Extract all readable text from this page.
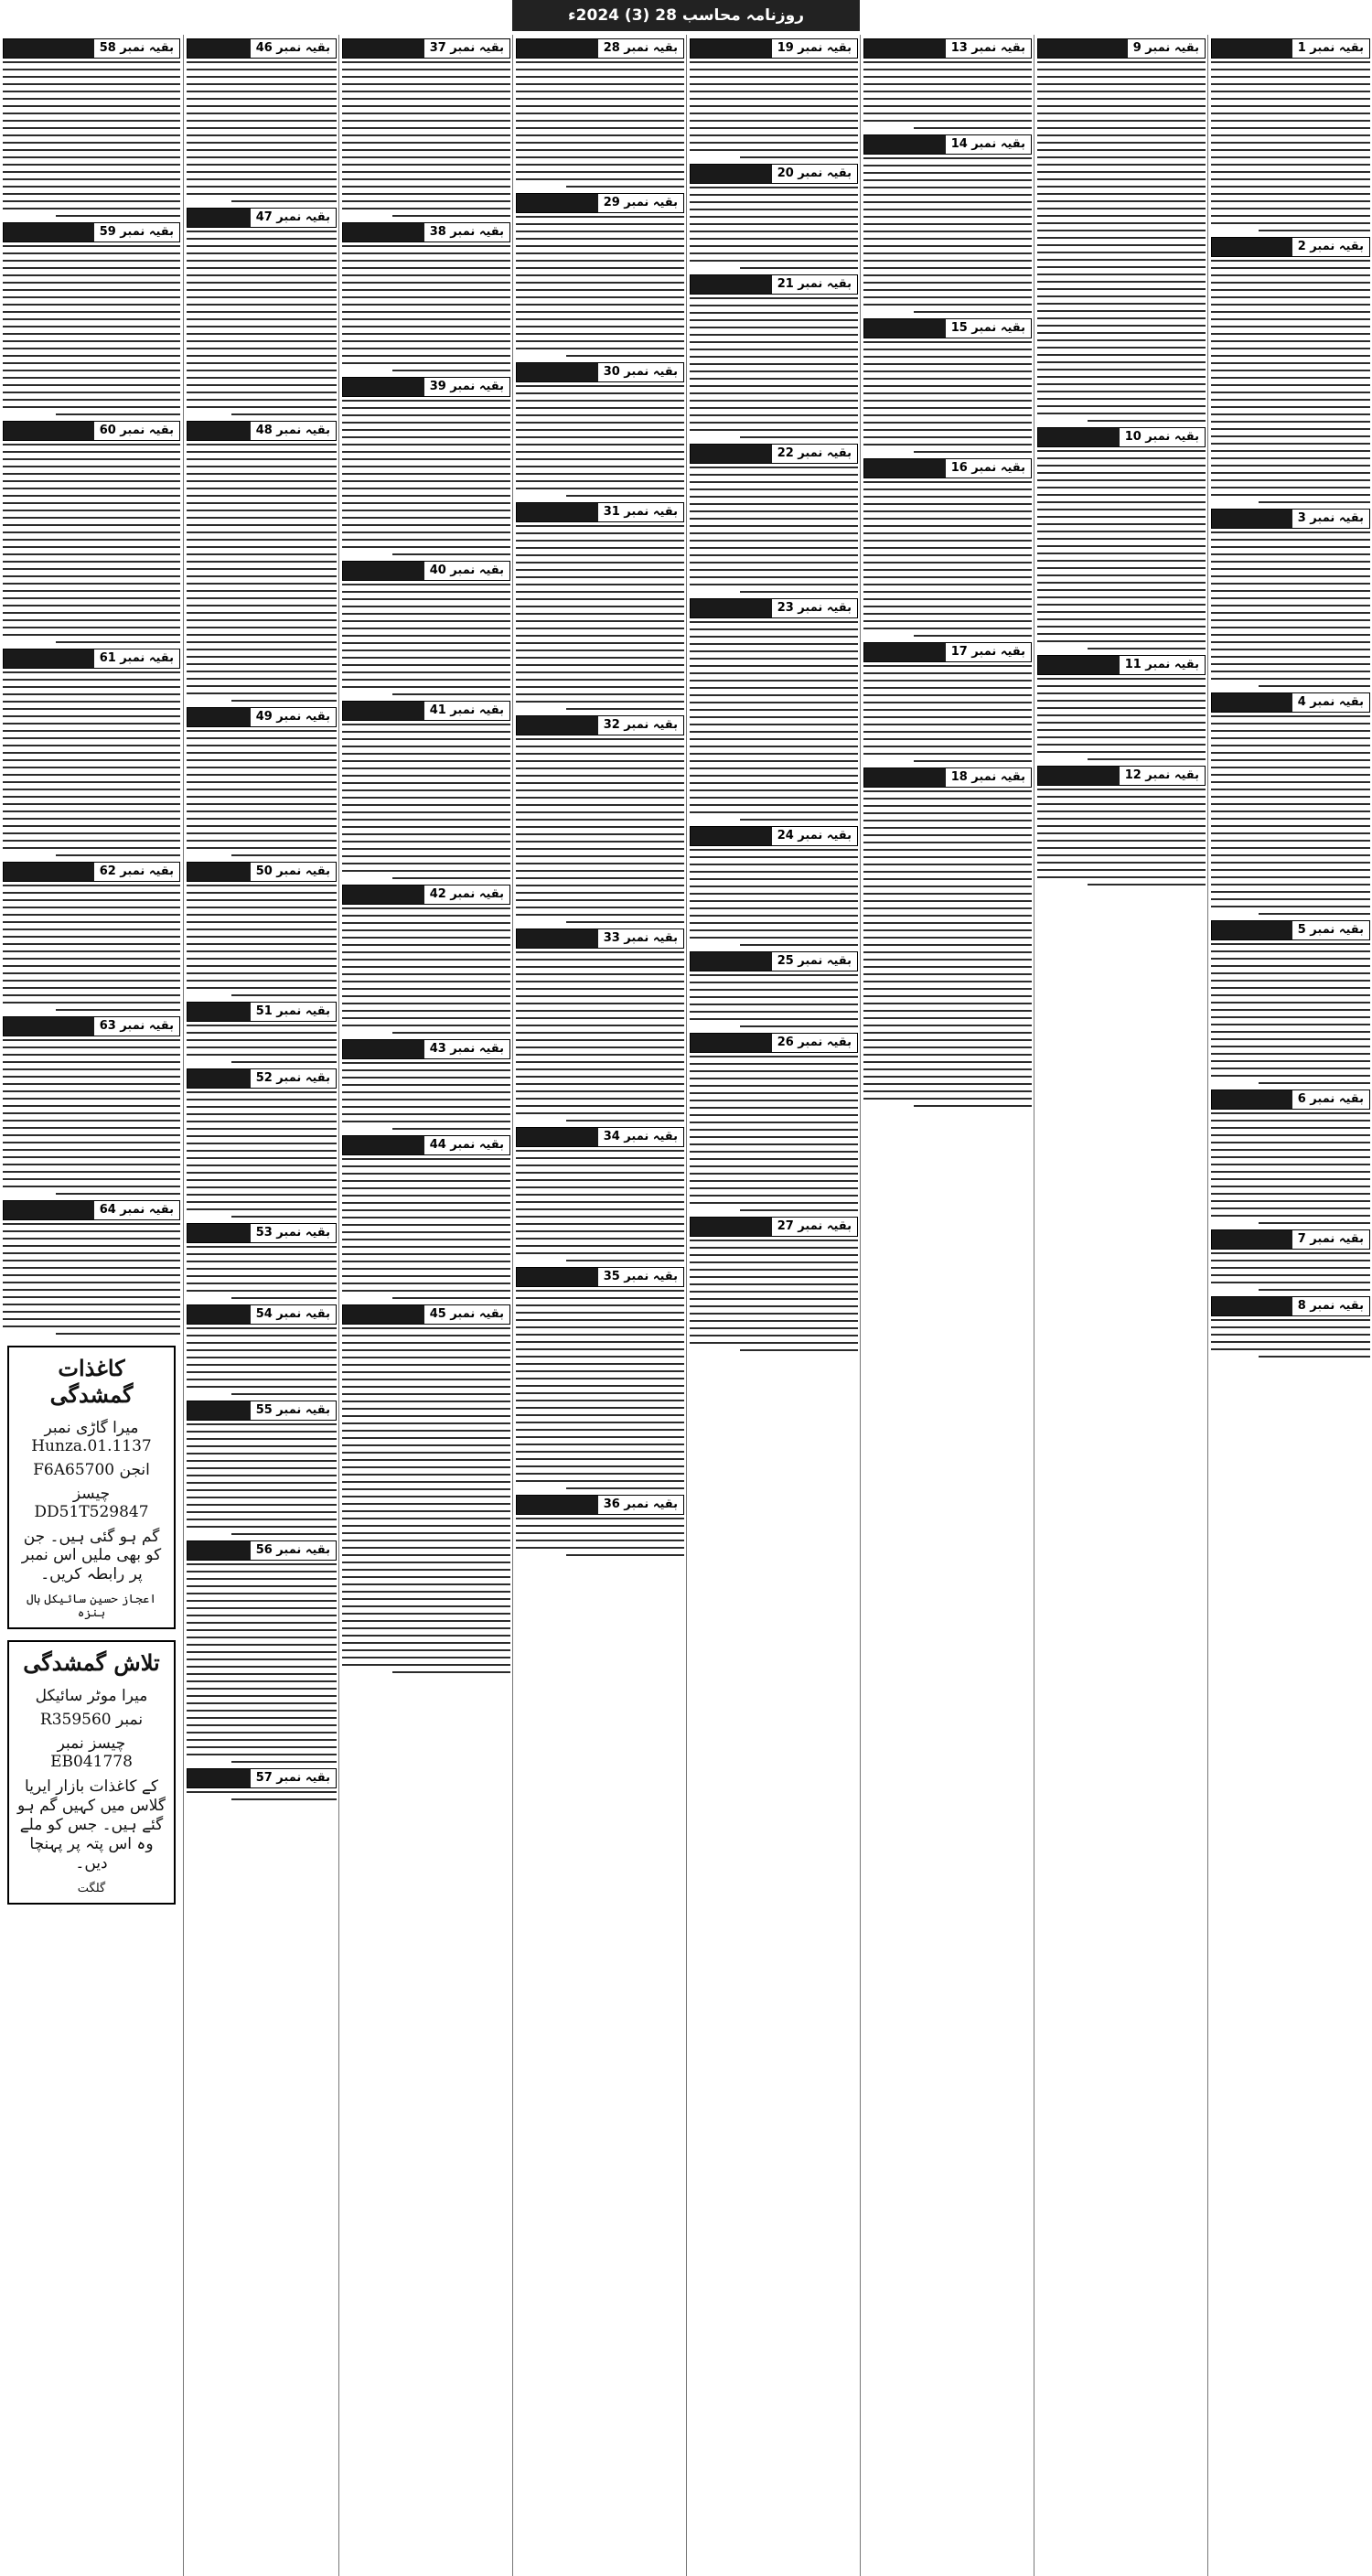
روزنامہ محاسب 28 (3) 2024ء
بقیہ نمبر 58
بقیہ نمبر 59
بقیہ نمبر 60
بقیہ نمبر 61
بقیہ نمبر 62
بقیہ نمبر 63
بقیہ نمبر 64
کاغذات گمشدگی
میرا گاڑی نمبر Hunza.01.1137
انجن F6A65700
چیسز DD51T529847
گم ہو گئی ہیں۔ جن کو بھی ملیں اس نمبر پر رابطہ کریں۔
اعجاز حسین سائیکل ہال ہنزہ
تلاش گمشدگی
میرا موٹر سائیکل
نمبر R359560
چیسز نمبر EB041778
کے کاغذات بازار ایریا گلاس میں کہیں گم ہو گئے ہیں۔ جس کو ملے وہ اس پتہ پر پہنچا دیں۔
گلگت
بقیہ نمبر 46
بقیہ نمبر 47
بقیہ نمبر 48
بقیہ نمبر 49
بقیہ نمبر 50
بقیہ نمبر 51
بقیہ نمبر 52
بقیہ نمبر 53
بقیہ نمبر 54
بقیہ نمبر 55
بقیہ نمبر 56
بقیہ نمبر 57
بقیہ نمبر 37
بقیہ نمبر 38
بقیہ نمبر 39
بقیہ نمبر 40
بقیہ نمبر 41
بقیہ نمبر 42
بقیہ نمبر 43
بقیہ نمبر 44
بقیہ نمبر 45
بقیہ نمبر 28
بقیہ نمبر 29
بقیہ نمبر 30
بقیہ نمبر 31
بقیہ نمبر 32
بقیہ نمبر 33
بقیہ نمبر 34
بقیہ نمبر 35
بقیہ نمبر 36
بقیہ نمبر 19
بقیہ نمبر 20
بقیہ نمبر 21
بقیہ نمبر 22
بقیہ نمبر 23
بقیہ نمبر 24
بقیہ نمبر 25
بقیہ نمبر 26
بقیہ نمبر 27
بقیہ نمبر 13
بقیہ نمبر 14
بقیہ نمبر 15
بقیہ نمبر 16
بقیہ نمبر 17
بقیہ نمبر 18
بقیہ نمبر 9
بقیہ نمبر 10
بقیہ نمبر 11
بقیہ نمبر 12
بقیہ نمبر 1
بقیہ نمبر 2
بقیہ نمبر 3
بقیہ نمبر 4
بقیہ نمبر 5
بقیہ نمبر 6
بقیہ نمبر 7
بقیہ نمبر 8
